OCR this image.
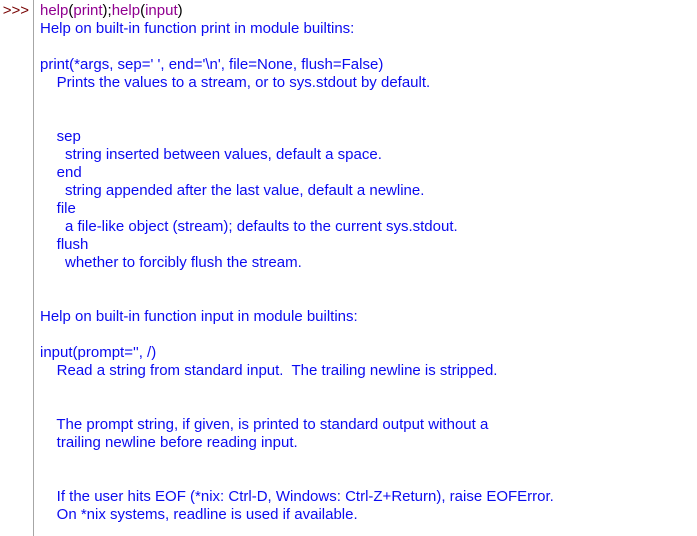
>>> help(print);help(input)
Help on built-in function print in module builtins:
print(*args, sep=' ', end='\n', file=None, flush=False)
Prints the values to a stream, or to sys.stdout by default.
sep
string inserted between values, default a space.
end
string appended after the last value, default a newline.
file
a file-like object (stream); defaults to the current sys.stdout.
flush
whether to forcibly flush the stream.
Help on built-in function input in module builtins:
input(prompt='', /)
Read a string from standard input.  The trailing newline is stripped.
The prompt string, if given, is printed to standard output without a
trailing newline before reading input.
If the user hits EOF (*nix: Ctrl-D, Windows: Ctrl-Z+Return), raise EOFError.
On *nix systems, readline is used if available.
